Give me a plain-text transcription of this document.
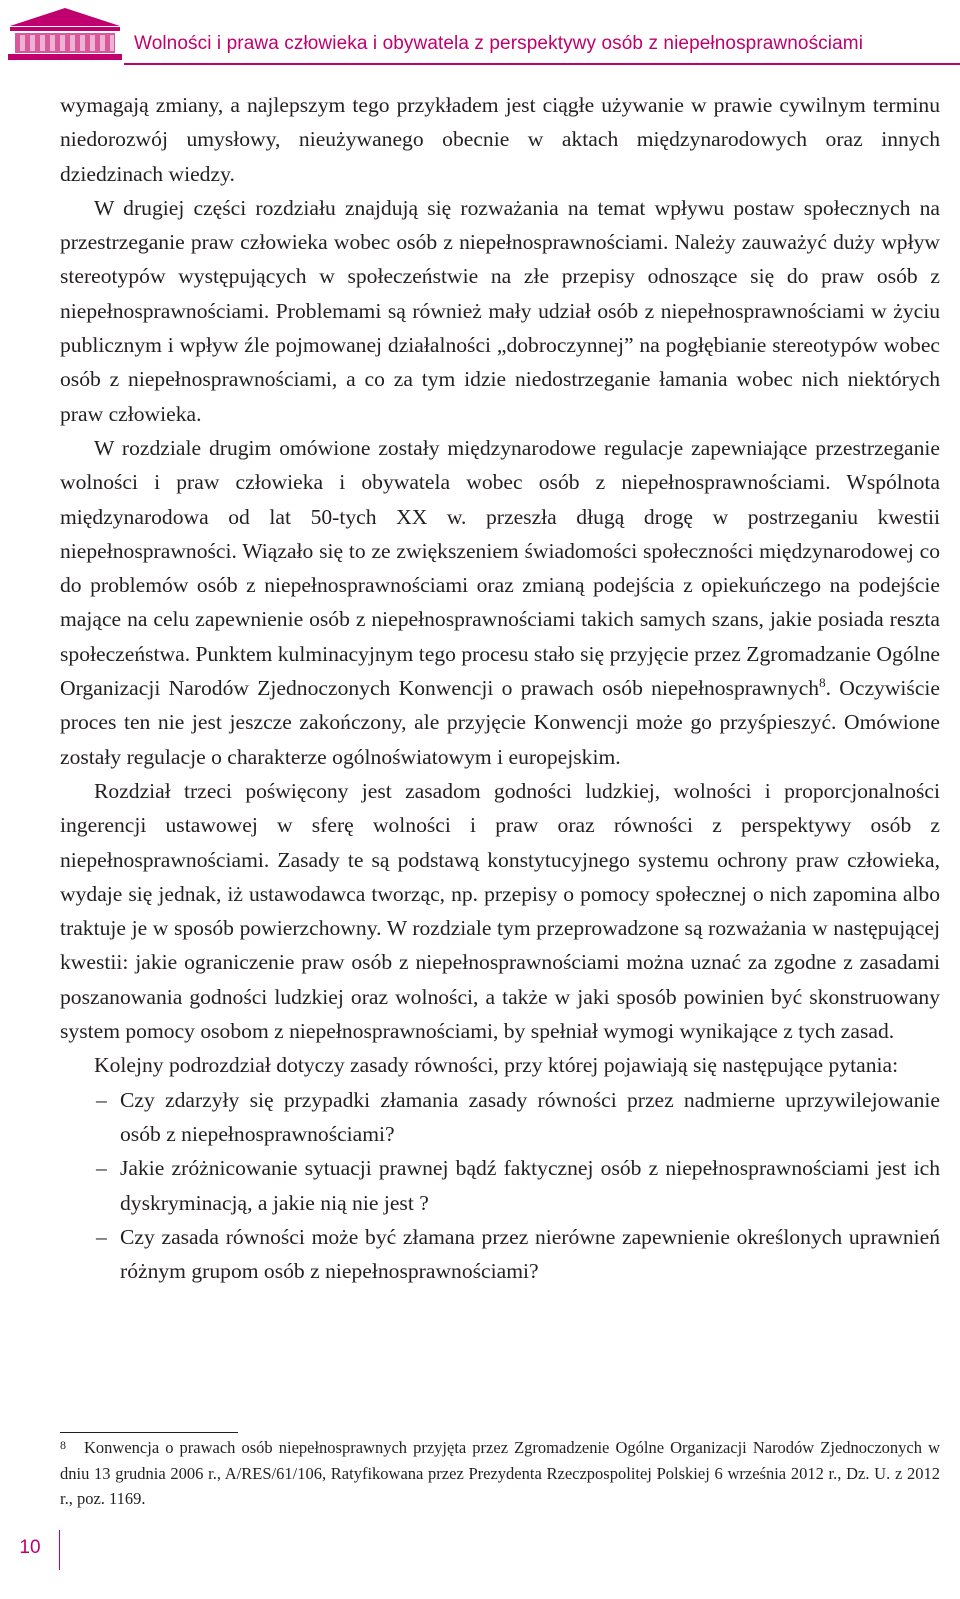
Wolności i prawa człowieka i obywatela z perspektywy osób z niepełnosprawnościami

wymagają zmiany, a najlepszym tego przykładem jest ciągłe używanie w prawie cywilnym terminu niedorozwój umysłowy, nieużywanego obecnie w aktach międzynarodowych oraz innych dziedzinach wiedzy.

W drugiej części rozdziału znajdują się rozważania na temat wpływu postaw społecznych na przestrzeganie praw człowieka wobec osób z niepełnosprawnościami. Należy zauważyć duży wpływ stereotypów występujących w społeczeństwie na złe przepisy odnoszące się do praw osób z niepełnosprawnościami. Problemami są również mały udział osób z niepełnosprawnościami w życiu publicznym i wpływ źle pojmowanej działalności „dobroczynnej” na pogłębianie stereotypów wobec osób z niepełnosprawnościami, a co za tym idzie niedostrzeganie łamania wobec nich niektórych praw człowieka.

W rozdziale drugim omówione zostały międzynarodowe regulacje zapewniające przestrzeganie wolności i praw człowieka i obywatela wobec osób z niepełnosprawnościami. Wspólnota międzynarodowa od lat 50-tych XX w. przeszła długą drogę w postrzeganiu kwestii niepełnosprawności. Wiązało się to ze zwiększeniem świadomości społeczności międzynarodowej co do problemów osób z niepełnosprawnościami oraz zmianą podejścia z opiekuńczego na podejście mające na celu zapewnienie osób z niepełnosprawnościami takich samych szans, jakie posiada reszta społeczeństwa. Punktem kulminacyjnym tego procesu stało się przyjęcie przez Zgromadzanie Ogólne Organizacji Narodów Zjednoczonych Konwencji o prawach osób niepełnosprawnych$^8$. Oczywiście proces ten nie jest jeszcze zakończony, ale przyjęcie Konwencji może go przyśpieszyć. Omówione zostały regulacje o charakterze ogólnoświatowym i europejskim.

Rozdział trzeci poświęcony jest zasadom godności ludzkiej, wolności i proporcjonalności ingerencji ustawowej w sferę wolności i praw oraz równości z perspektywy osób z niepełnosprawnościami. Zasady te są podstawą konstytucyjnego systemu ochrony praw człowieka, wydaje się jednak, iż ustawodawca tworząc, np. przepisy o pomocy społecznej o nich zapomina albo traktuje je w sposób powierzchowny. W rozdziale tym przeprowadzone są rozważania w następującej kwestii: jakie ograniczenie praw osób z niepełnosprawnościami można uznać za zgodne z zasadami poszanowania godności ludzkiej oraz wolności, a także w jaki sposób powinien być skonstruowany system pomocy osobom z niepełnosprawnościami, by spełniał wymogi wynikające z tych zasad.

Kolejny podrozdział dotyczy zasady równości, przy której pojawiają się następujące pytania:

– Czy zdarzyły się przypadki złamania zasady równości przez nadmierne uprzywilejowanie osób z niepełnosprawnościami?
– Jakie zróżnicowanie sytuacji prawnej bądź faktycznej osób z niepełnosprawnościami jest ich dyskryminacją, a jakie nią nie jest ?
– Czy zasada równości może być złamana przez nierówne zapewnienie określonych uprawnień różnym grupom osób z niepełnosprawnościami?
8 Konwencja o prawach osób niepełnosprawnych przyjęta przez Zgromadzenie Ogólne Organizacji Narodów Zjednoczonych w dniu 13 grudnia 2006 r., A/RES/61/106, Ratyfikowana przez Prezydenta Rzeczpospolitej Polskiej 6 września 2012 r., Dz. U. z 2012 r., poz. 1169.
10
